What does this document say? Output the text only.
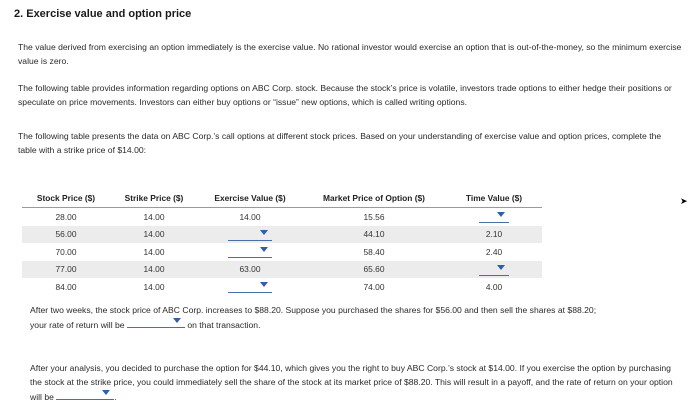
2. Exercise value and option price
The value derived from exercising an option immediately is the exercise value. No rational investor would exercise an option that is out-of-the-money, so the minimum exercise value is zero.
The following table provides information regarding options on ABC Corp. stock. Because the stock’s price is volatile, investors trade options to either hedge their positions or speculate on price movements. Investors can either buy options or “issue” new options, which is called writing options.
The following table presents the data on ABC Corp.’s call options at different stock prices. Based on your understanding of exercise value and option prices, complete the table with a strike price of $14.00:
Stock Price ($)	Strike Price ($)	Exercise Value ($)	Market Price of Option ($)	Time Value ($)
28.00	14.00	14.00	15.56	

56.00	14.00		44.10	2.10
70.00	14.00		58.40	2.40
77.00	14.00	63.00	65.60	

84.00	14.00		74.00	4.00
➤
After two weeks, the stock price of ABC Corp. increases to $88.20. Suppose you purchased the shares for $56.00 and then sell the shares at $88.20;
your rate of return will be	on that transaction.
After your analysis, you decided to purchase the option for $44.10, which gives you the right to buy ABC Corp.’s stock at $14.00. If you exercise the option by purchasing the stock at the strike price, you could immediately sell the share of the stock at its market price of $88.20. This will result in a payoff, and the rate of return on your option will be	.
